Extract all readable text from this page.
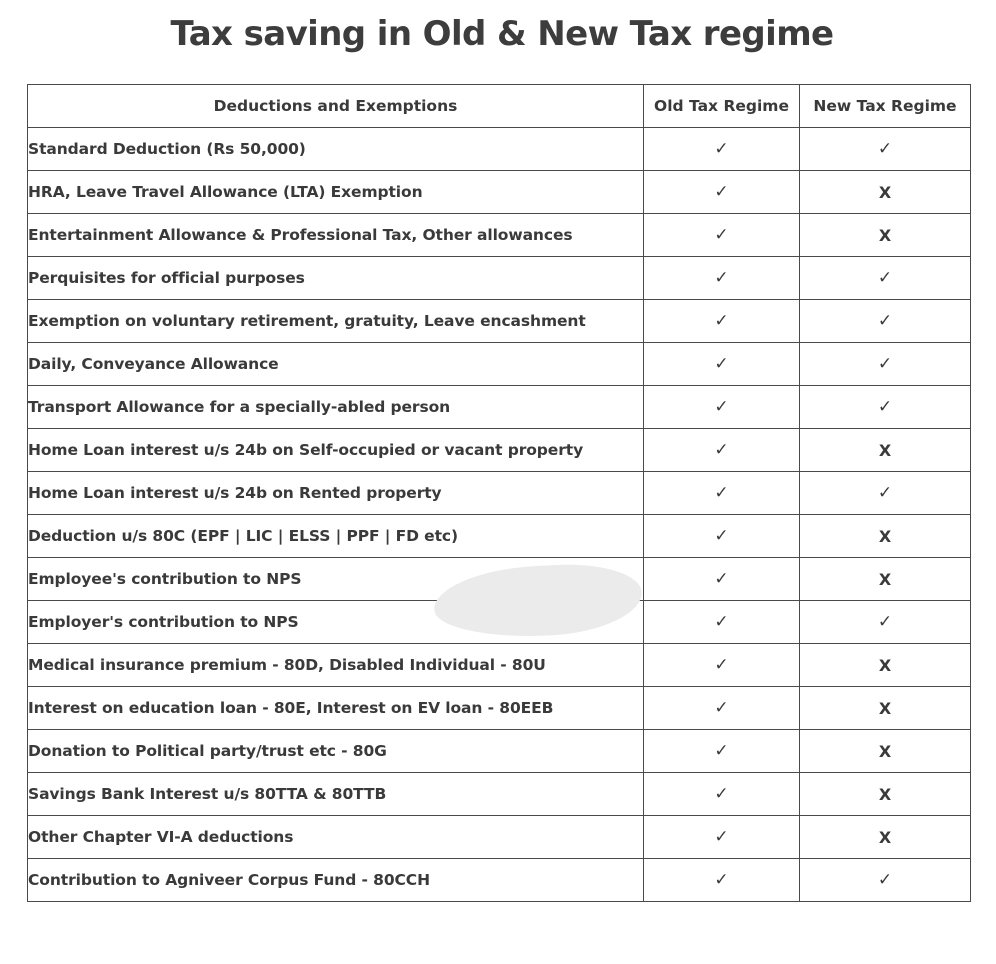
Tax saving in Old & New Tax regime
Deductions and Exemptions	Old Tax Regime	New Tax Regime
Standard Deduction (Rs 50,000)	✓	✓
HRA, Leave Travel Allowance (LTA) Exemption	✓	X
Entertainment Allowance & Professional Tax, Other allowances	✓	X
Perquisites for official purposes	✓	✓
Exemption on voluntary retirement, gratuity, Leave encashment	✓	✓
Daily, Conveyance Allowance	✓	✓
Transport Allowance for a specially-abled person	✓	✓
Home Loan interest u/s 24b on Self-occupied or vacant property	✓	X
Home Loan interest u/s 24b on Rented property	✓	✓
Deduction u/s 80C (EPF | LIC | ELSS | PPF | FD etc)	✓	X
Employee's contribution to NPS	✓	X
Employer's contribution to NPS	✓	✓
Medical insurance premium - 80D, Disabled Individual - 80U	✓	X
Interest on education loan - 80E, Interest on EV loan - 80EEB	✓	X
Donation to Political party/trust etc - 80G	✓	X
Savings Bank Interest u/s 80TTA & 80TTB	✓	X
Other Chapter VI-A deductions	✓	X
Contribution to Agniveer Corpus Fund - 80CCH	✓	✓
